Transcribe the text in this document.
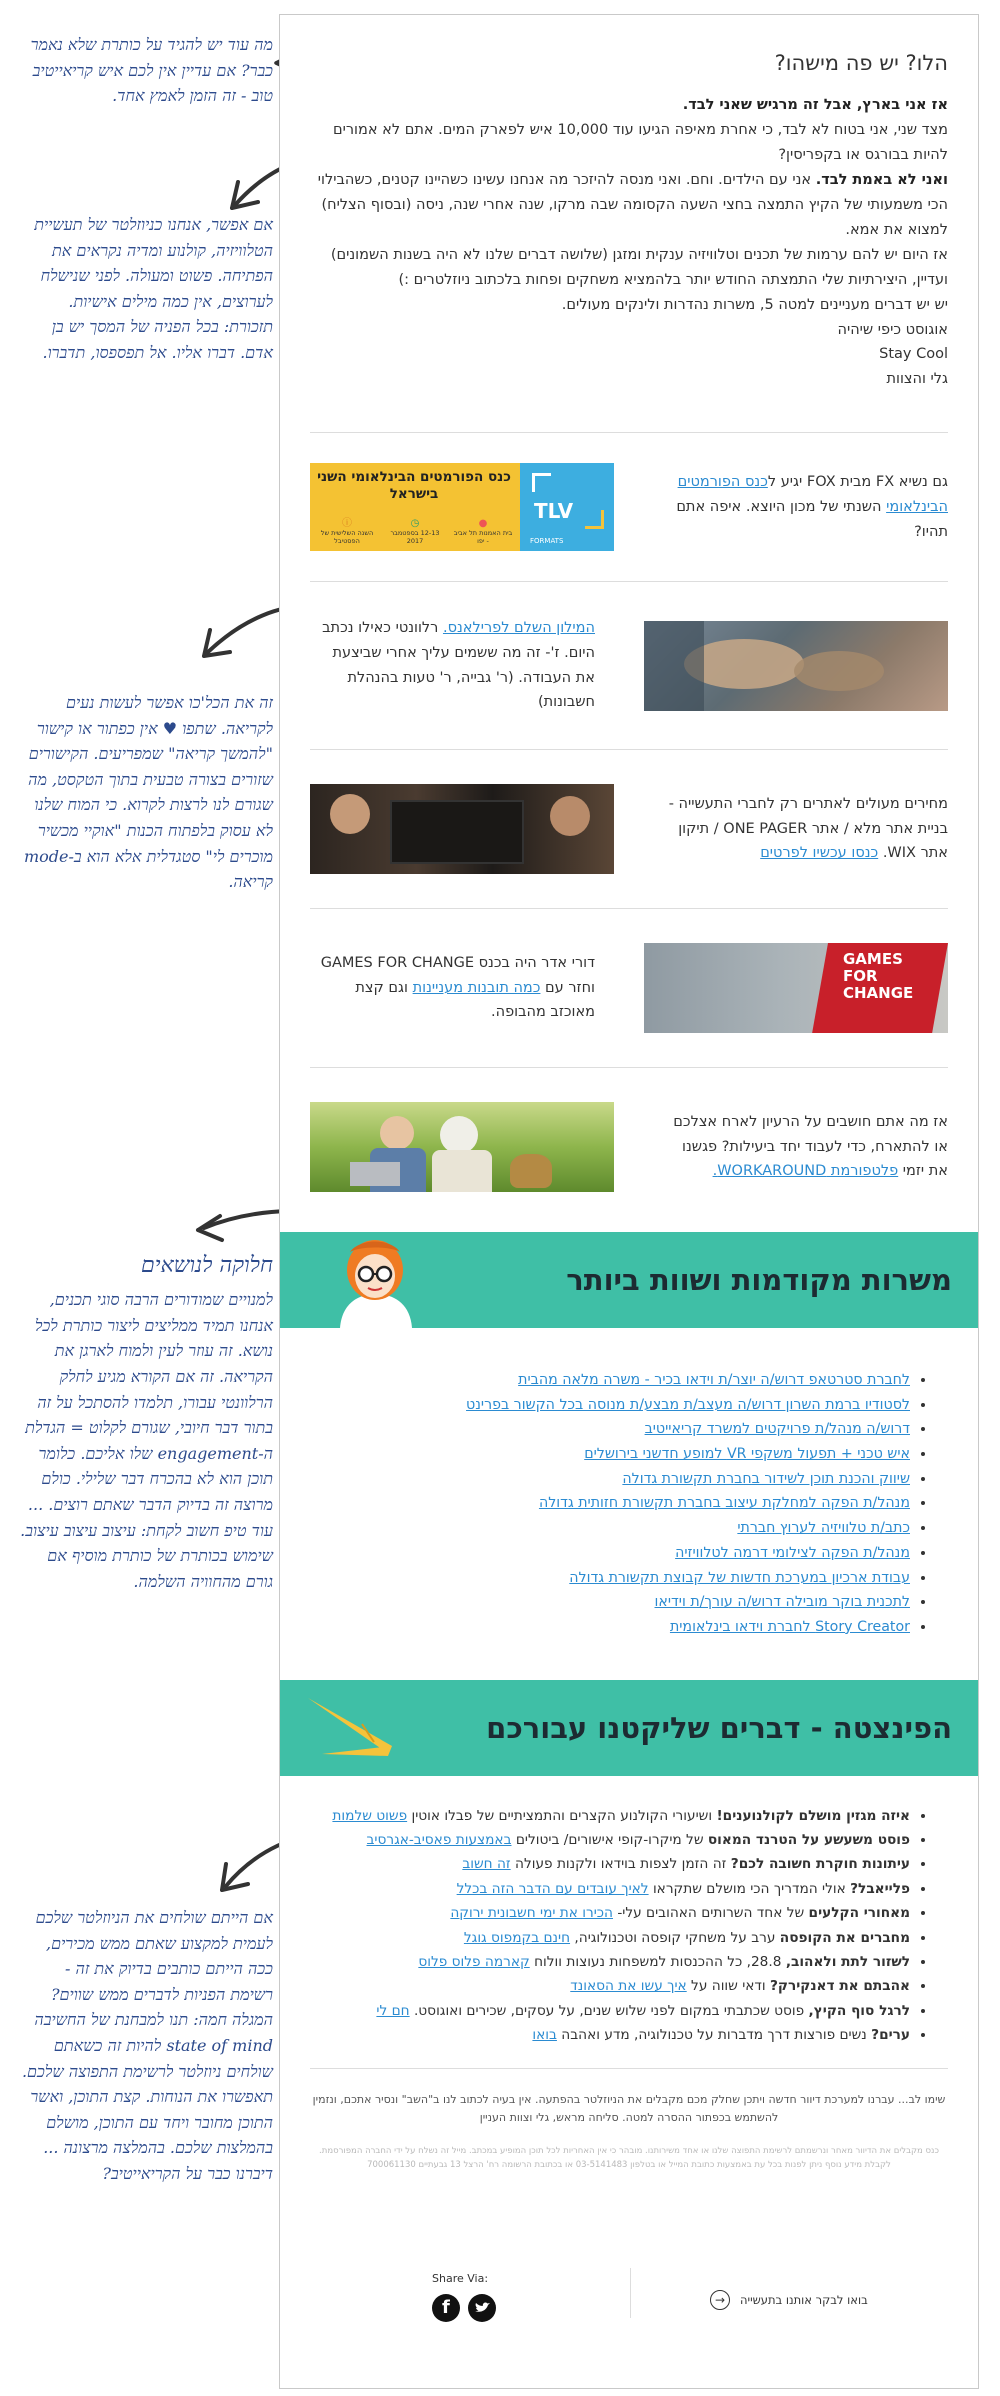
מה עוד יש להגיד על כותרת שלא נאמר כבר? אם עדיין אין לכם איש קריאייטיב טוב - זה הזמן לאמץ אחד.
אם אפשר, אנחנו כניוזלטר של תעשיית הטלוויזיה, קולנוע ומדיה נקראים את הפתיחה. פשוט ומעולה. לפני שנישלח לערוצים, אין כמה מילים אישיות.
תזכורת: בכל הפניה של המסך יש בן אדם. דברו אליו. אל תפספסו, תדברו.
זה את הכל'כו אפשר לעשות נעים לקריאה. שתפו ♥ אין כפתור או קישור "להמשך קריאה" שמפריעים. הקישורים שזורים בצורה טבעית בתוך הטקסט, מה שגורם לנו לרצות לקרוא. כי המוח שלנו לא עסוק בלפתוח הכנות "אוקיי מכשיר מוכרים לי" סטגדלית אלא הוא ב-mode קריאה.
חלוקה לנושאים
למנויים שמודורים הרבה סוגי תכנים, אנחנו תמיד ממליצים ליצור כותרת לכל נושא. זה עוזר לעין ולמוח לארגן את הקריאה. זה אם הקורא מגיע לחלק הרלוונטי עבורו, תלמדו להסתכל על זה בתור דבר חיובי, שגורם לקלוט = הגדלת ה-engagement שלו אליכם. כלומר תוכן הוא לא בהכרח דבר שלילי. כולם מרוצה זה בדיוק הדבר שאתם רוצים. ...
עוד טיפ חשוב לקחת: עיצוב עיצוב עיצוב. שימוש בכותרת של כותרת מוסיף אם גורם מהחוויה השלמה.
אם הייתם שולחים את הניוזלטר שלכם לעמית למקצוע שאתם ממש מכירים, ככה הייתם כותבים בדיוק את זה - רשימת הפניות לדברים ממש שווים?
המגלה חמה: תנו למבחנת של החשיבה state of mind להיות זה כשאתם שולחים ניוזלטר לרשימת התפוצה שלכם. תאפשרו את הנוחות. קצת התוכן, ואשר התוכן מחובר ויחד עם התוכן, מושלם בהמלצות שלכם. בהמלצה מרצונה ...
דיברנו כבר על הקריאייטיב?
הלו? יש פה מישהו?

אז אני בארץ, אבל זה מרגיש שאני לבד.

מצד שני, אני בטוח לא לבד, כי אחרת מאיפה הגיעו עוד 10,000 איש לפארק המים. אתם לא אמורים להיות בבורגס או בקפריסין?

ואני לא באמת לבד. אני עם הילדים. וחם. ואני מנסה להיזכר מה אנחנו עשינו כשהיינו קטנים, כשהבילוי הכי משמעותי של הקיץ התמצה בחצי השעה הקסומה שבה מרקו, שנה אחרי שנה, ניסה (ובסוף הצליח) למצוא את אמא.

אז היום יש להם ערמות של תכנים וטלוויזיה ענקית ומזגן (שלושה דברים שלנו לא היה בשנות השמונים) ועדיין, היצירתיות שלי התמצתה החודש יותר בלהמציא משחקים ופחות בלכתוב ניוזלטרים :)

יש יש דברים מעניינים למטה 5, משרות נהדרות ולינקים מעולים.

אוגוסט כיפי שיהיה

Stay Cool

גלי והצוות

גם נשיא FX מבית FOX יגיע לכנס הפורמטים הבינלאומי השנתי של מכון היוצא. איפה אתם תהיו?
TLV
FORMATS
כנס הפורמטים הבינלאומי השני בישראל
●
בית האמנות תל אביב - יפו
◷
12-13 בספטמבר 2017
ⓘ
השנה השלישית של הפסטיבל
המילון השלם לפרילאנס. רלוונטי כאילו נכתב היום. ז'- זה מה ששמים עליך אחרי שביצעת את העבודה. (ר' גבייה, ר' טעות בהנהלת חשבונות)
מחירים מעולים לאתרים רק לחברי התעשייה - בניית אתר מלא / אתר ONE PAGER / תיקון אתר WIX. כנסו עכשיו לפרטים
GAMES FOR CHANGE
דורי אדר היה בכנס GAMES FOR CHANGE וחזר עם כמה תובנות מעניינות וגם קצת מאוכזב מהבופה.
אז מה אתם חושבים על הרעיון לארח אצלכם או להתארח, כדי לעבוד יחד ביעילות? פגשנו את יזמי פלטפורמת WORKAROUND.
משרות מקודמות ושוות ביותר
• לחברת סטרטאפ דרוש/ה יוצר/ת וידאו בכיר - משרה מלאה מהבית
• לסטודיו ברמת השרון דרוש/ה מעצב/ת מבצע/ת מנוסה בכל הקשור בפרינט
• דרוש/ה מנהל/ת פרויקטים למשרד קריאייטיב
• איש טכני + תפעול משקפי VR למופע חדשני בירושלים
• שיווק והכנת תוכן לשידור בחברת תקשורת גדולה
• מנהל/ת הפקה למחלקת עיצוב בחברת תקשורת חזותית גדולה
• כתב/ת טלוויזיה לערוץ חברתי
• מנהל/ת הפקה לצילומי דרמה לטלוויזיה
• עבודת ארכיון במערכת חדשות של קבוצת תקשורת גדולה
• לתכנית בוקר מובילה דרוש/ה עורך/ת וידיאו
• Story Creator לחברת וידאו בינלאומית
הפינצטה - דברים שליקטנו עבורכם
• איזה מגזין מושלם לקולנוענים! ושיעורי הקולנוע הקצרים והתמציתיים של פבלו אוטין פשוט שלמות
• פוסט משעשע על הטרנד המאוס של מיקרו-קופי אישורים/ ביטולים באמצעות פאסיב-אגרסיב
• עיתונות חוקרת חשובה לכם? זה הזמן לצפות בוידאו ולקנות פעולה זה חשוב
• פלייאבל? אולי המדריך הכי מושלם שתקראו לאיך עובדים עם הדבר הזה בכלל
• מאחורי הקלעים של אחד השרותים האהובים עלי- הכירו את ימי חשבונית ירוקה
• מחברים את הקופסה ערב על משחקי קופסה וטכנולוגיה, חינם בקמפוס גוגל
• לשזור לתת ולאהוב, 28.8, כל ההכנסות למשפחות נעוצות וולוח קארמה פלוס פלוס
• אהבתם את דאנקירק? ודאי שווה על איך עשו את הסאונד
• לרגל סוף הקיץ, פוסט שכתבתי במקום לפני שלוש שנים, על עסקים, שכירים ואוגוסט. חם לי
• ערים? נשים פורצות דרך מדברות על טכנולוגיה, מדע ואהבה בואו
שימו לב... עברנו למערכת דיוור חדשה ויתכן שחלק מכם מקבלים את הניוזלטר בהפתעה. אין בעיה לכתוב לנו ב"השב" ונסיר אתכם, ונזמין להשתמש בכפתור ההסרה למטה. סליחה מראש, גלי וצוות העניין
כנס מקבלים את הדיוור מאחר ונרשמתם לרשימת התפוצה שלנו או אחד משירותנו. מובהר כי אין האחריות לכל תוכן המופיע במכתב. מייל זה נשלח על ידי החברה המפורסמת. לקבלת מידע נוסף ניתן לפנות בכל עת באמצעות כתובת המייל או בטלפון 03-5141483 או בכתובת הרשומה רח' הרצל 13 גבעתיים 700061130
Share Via:
f	בואו לבקר אותנו בתעשייה
→
